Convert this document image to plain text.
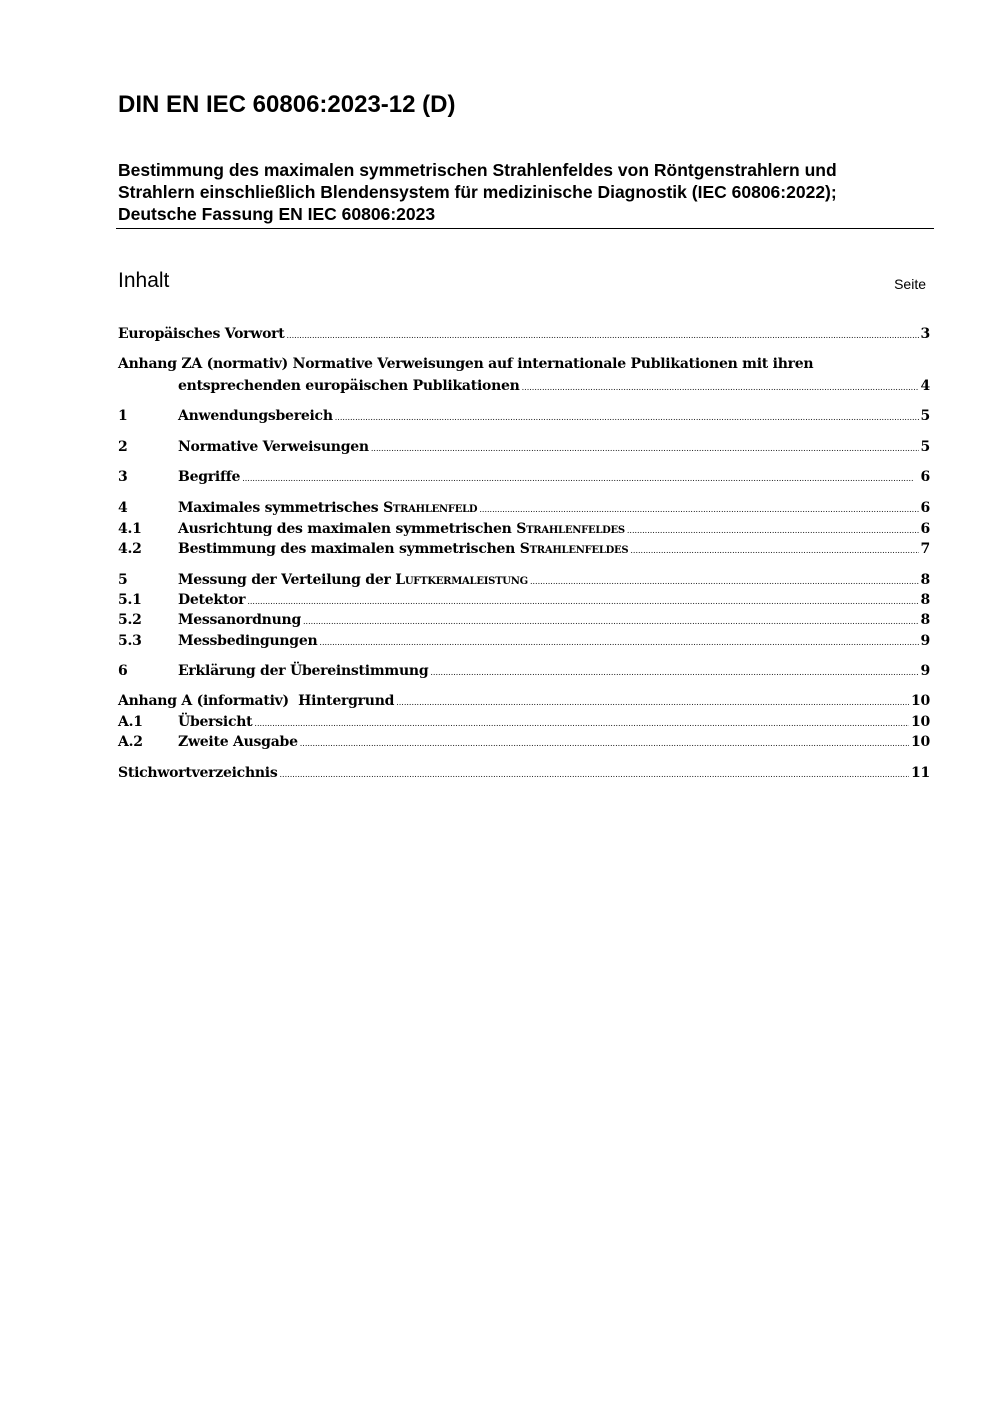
DIN EN IEC 60806:2023-12 (D)
Bestimmung des maximalen symmetrischen Strahlenfeldes von Röntgenstrahlern und Strahlern einschließlich Blendensystem für medizinische Diagnostik (IEC 60806:2022); Deutsche Fassung EN IEC 60806:2023
Inhalt	Seite
Europäisches Vorwort .....	3
Anhang ZA (normativ) Normative Verweisungen auf internationale Publikationen mit ihren
entsprechenden europäischen Publikationen .....	4
1	Anwendungsbereich .....	5
2	Normative Verweisungen .....	5
3	Begriffe .....	6
4	Maximales symmetrisches Strahlenfeld .....	6
4.1	Ausrichtung des maximalen symmetrischen Strahlenfeldes .....	6
4.2	Bestimmung des maximalen symmetrischen Strahlenfeldes .....	7
5	Messung der Verteilung der Luftkermaleistung .....	8
5.1	Detektor .....	8
5.2	Messanordnung .....	8
5.3	Messbedingungen .....	9
6	Erklärung der Übereinstimmung .....	9
Anhang A (informativ)  Hintergrund .....	10
A.1	Übersicht .....	10
A.2	Zweite Ausgabe .....	10
Stichwortverzeichnis .....	11
